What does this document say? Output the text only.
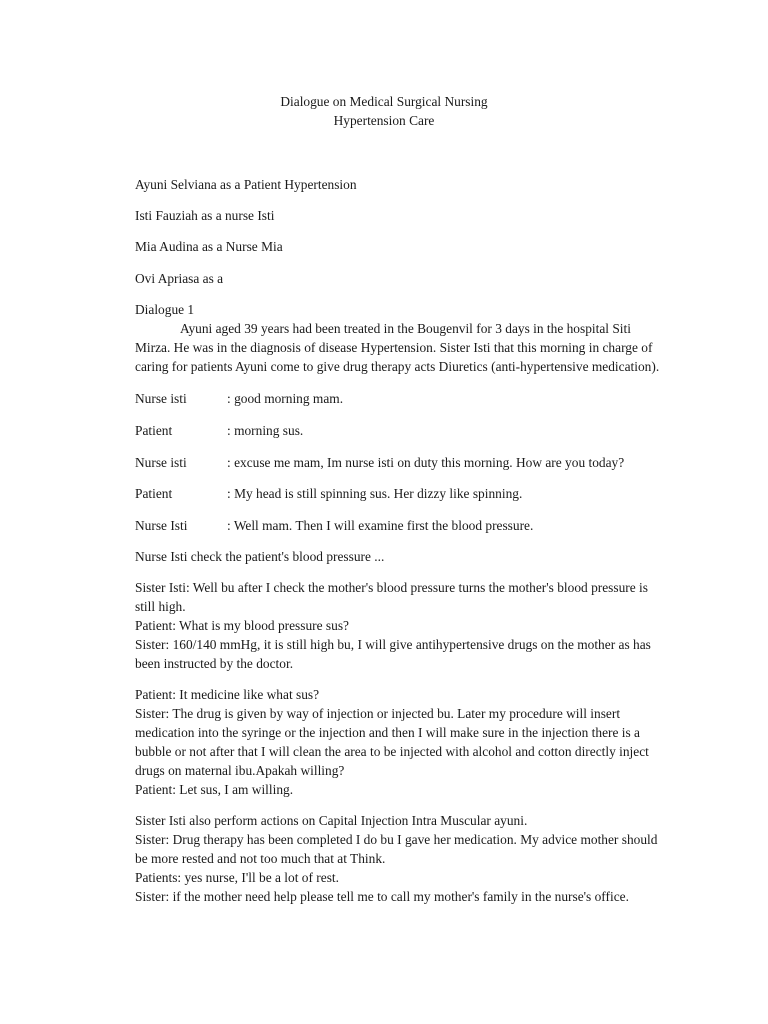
Dialogue on Medical Surgical Nursing
Hypertension Care
Ayuni Selviana as a Patient Hypertension
Isti Fauziah as a nurse Isti
Mia Audina as a Nurse Mia
Ovi Apriasa as a

Dialogue 1

Ayuni aged 39 years had been treated in the Bougenvil for 3 days in the hospital Siti

Mirza. He was in the diagnosis of disease Hypertension. Sister Isti that this morning in charge of

caring for patients Ayuni come to give drug therapy acts Diuretics (anti-hypertensive medication).

Nurse isti	: good morning mam.
Patient	: morning sus.
Nurse isti	: excuse me mam, Im nurse isti on duty this morning. How are you today?
Patient	: My head is still spinning sus. Her dizzy like spinning.
Nurse Isti	: Well mam. Then I will examine first the blood pressure.
Nurse Isti check the patient's blood pressure ...

Sister Isti: Well bu after I check the mother's blood pressure turns the mother's blood pressure is

still high.

Patient: What is my blood pressure sus?

Sister: 160/140 mmHg, it is still high bu, I will give antihypertensive drugs on the mother as has

been instructed by the doctor.

Patient: It medicine like what sus?

Sister: The drug is given by way of injection or injected bu. Later my procedure will insert

medication into the syringe or the injection and then I will make sure in the injection there is a

bubble or not after that I will clean the area to be injected with alcohol and cotton directly inject

drugs on maternal ibu.Apakah willing?

Patient: Let sus, I am willing.

Sister Isti also perform actions on Capital Injection Intra Muscular ayuni.

Sister: Drug therapy has been completed I do bu I gave her medication. My advice mother should

be more rested and not too much that at Think.

Patients: yes nurse, I'll be a lot of rest.

Sister: if the mother need help please tell me to call my mother's family in the nurse's office.
